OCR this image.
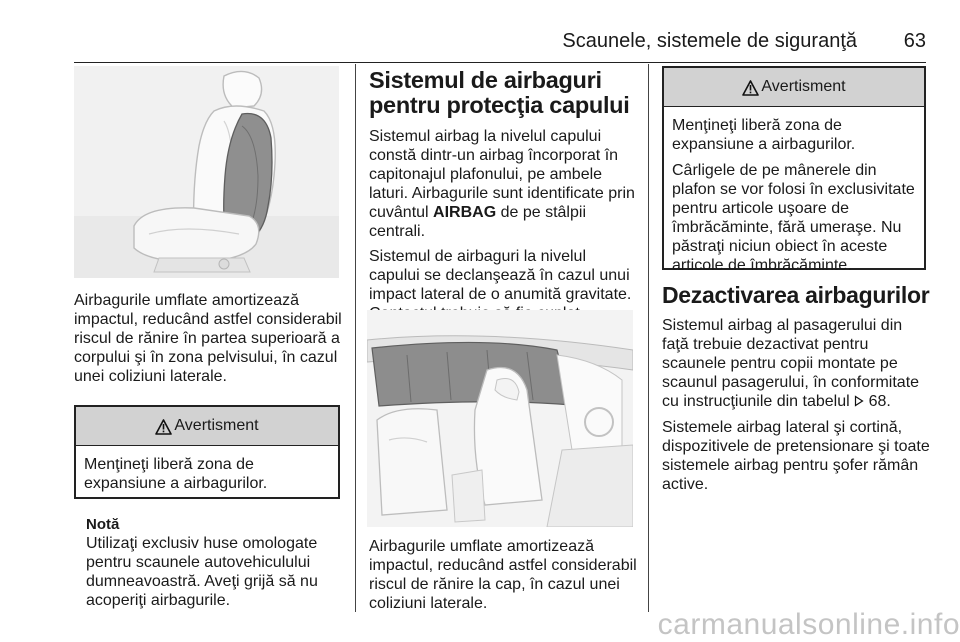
Scaunele, sistemele de siguranţă 63

Airbagurile umflate amortizează impactul, reducând astfel considerabil riscul de rănire în partea superioară a corpului şi în zona pelvisului, în cazul unei coliziuni laterale.

Avertisment

Menţineţi liberă zona de expansiune a airbagurilor.

Notă

Utilizaţi exclusiv huse omologate pentru scaunele autovehiculului dumneavoastră. Aveţi grijă să nu acoperiţi airbagurile.

Sistemul de airbaguri pentru protecţia capului

Sistemul airbag la nivelul capului constă dintr-un airbag încorporat în capitonajul plafonului, pe ambele laturi. Airbagurile sunt identificate prin cuvântul AIRBAG de pe stâlpii centrali.

Sistemul de airbaguri la nivelul capului se declanşează în cazul unui impact lateral de o anumită gravitate.

Airbagurile umflate amortizează impactul, reducând astfel considerabil riscul de rănire la cap, în cazul unei coliziuni laterale.

Avertisment

Menţineţi liberă zona de expansiune a airbagurilor.

Cârligele de pe mânerele din plafon se vor folosi în exclusivitate pentru articole uşoare de îmbrăcăminte, fără umeraşe. Nu păstraţi niciun obiect în aceste articole de îmbrăcăminte.

Dezactivarea airbagurilor

Sistemul airbag al pasagerului din faţă trebuie dezactivat pentru scaunele pentru copii montate pe scaunul pasagerului, în conformitate cu instrucţiunile din tabelul  68.

Sistemele airbag lateral şi cortină, dispozitivele de pretensionare şi toate sistemele airbag pentru şofer rămân active.

carmanualsonline.info
